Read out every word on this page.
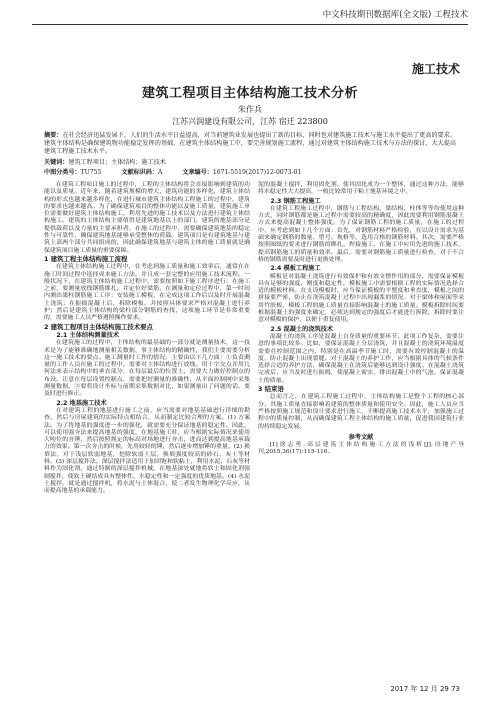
中文科技期刊数据库(全文版) 工程技术
施工技术
建筑工程项目主体结构施工技术分析
朱作兵
江苏兴润建设有限公司，江苏 宿迁 223800
摘要：在社会经济迅猛发展下，人们的生活水平日益提高，对当前建筑业发展也提出了新的目标，同时也对建筑施工技术与施工水平提出了更高的要求。建筑主体结构是确保建筑物功能稳定发挥的基础，在建筑主体结构施工中，要完善规划施工流程，通过对建筑主体结构施工技术与方法的探讨，大大提高建筑工程施工技术水平。
关键词：建筑工程项目；主体结构；施工技术
中图分类号：TU755	文献标识码：A	文章编号：1671-5519(2017)12-0073-01

在建筑工程项目施工的过程中，工程的主体结构将会直接影响到建筑的功能以及质量。近年来，随着建筑规模的增大，建筑功能的多样化，建筑主体结构的形式也越来越多样化，在进行城市建筑主体结构工程施工的过程中，建筑的要求也越来越高。为了确保建筑项目的整体功能以及施工质量，建筑施工单位需要做好建筑主体结构施工，利用先进的施工技术以及方法进行建筑主体结构施工。建筑的主体结构主要值得是建筑地基以上的部门，建筑的地基部分是提供载荷以及力量的主要承担者，在施工的过程中，需要确保建筑地基的稳定性与可靠性，确保建筑地基能够承受整体的荷载。建筑项目是有建筑地基与建筑上部两个部分共同组成的，因此确保建筑地基与建筑主体的施工质量就是确保建筑项目施工质量的重要保障。

1 建筑工程主体结构施工流程

在建筑主体结构施工过程中，在考虑到施工质量和施工效率后，通常在在施工时间过程中选择成本施工方法，并且成一套完整的应用施工技术流程。一般状况下，在建筑主体结构施工过程中，需要按照如下施工程序进行：在施工之前，要测量放线钢筋绑扎，并定位好梁筋，在测量和定位过程中，第一时间内测出梁柱钢筋施工工序：安装施工模板，在完成这项工作后以及时开展混凝土浇筑；在振捣混凝土后，拆除模板，并按照具体要求严格对混凝土进行养护；然后是建筑主体结构的梁柱部分钢筋的查找，这项施工环节是非常重要的，需要施工人员严格遵照操作要求。

2 建筑工程项目主体结构施工技术要点
2.1 主体结构测量技术

在建筑施工的过程中，主体结构的最基础的一部分就是测量技术，这一技术是为了能够准确地测量相关数据，事主体结构的精确性，我们主要需要分析这一施工技术的要点。施工测量时工作的情况。主要由以下几方面：①负责测量的工作人员在施工的过程中，需要对主体结构进行放线。用十字交点并用几何法来表示结构中的垂直部分，在每层最后的位置上，需要大力做好控制点的布设。注意在每层设置控制点，需要把好测量的准确性，从平面控制网中采集测量数据。③要将设计坐标与前期采集数据对比，如果测量出了问题的话，要及时进行修正。

2.2 地基施工技术

在对建筑工程的地基进行施工之前，应当需要对地基基础进行详细的勘查，然后与房屋建筑的实际特点相结合，从而制定比较合理的方案。(1) 方案法。为了将地基的强度进一步的强化，就需要充分保证地基的稳定性。因此，可以使用强夯法来提高地基的强度，在地基施工时，应当根据实际情况来使用大吨位的夯锤，然后按照规定的标高对场地进行夯击，进而达到提高地基承载力的效果。第一次夯击的时候，先用较轻的锤，然后逐步增加锤的重量。(2) 换填法。对于浅层软弱地基，挖除软弱土层，换填强度较高的砂石、灰土等材料。(3) 深层搅拌法。深层搅拌法适用于加固饱和软粘土，利用水泥、石灰等材料作为固化剂，通过特制的深层搅拌机械，在地基深处就地将软土和固化剂强制搅拌，使软土硬结成具有整体性、水稳定性和一定强度的优质地基。(4) 水泥土搅拌。就是通过搅拌机，将水泥与土体混合，使二者发生物理化学反应，从而提高地基的承载能力。

泥的混凝土搅拌，利用固化剂，使其固化成为一个整体，通过这种方法，能够将水稳定性大大提高，一般比较常用于粘土地基环境之中。

2.3 钢筋工程施工

在建筑工程施工过程中，钢筋与工程结构、梁结构、柱体等等均使用这种方式，同时钢筋都是施工过程中需要较高的精确度，因此需要利用钢筋混凝土方式来提高混凝土整体强度。为了保证钢筋工程的施工质量，在施工的过程中，应考虑到如下几个方面：首先，对钢筋材料严格检验，在以设计需求为基础来确定钢筋的数量、型号、规格等，选用合格的钢筋材料。其次，需要严格按照图纸的要求进行钢筋的绑扎、焊接施工，在施工中应用先进的施工技术，提高钢筋施工的质量和效率。最后，需要对钢筋施工质量进行检查，对于不合格的钢筋需要及时进行更换处理。

2.4 模板工程施工

模板是对混凝土浇筑进行有效保护和有效支撑作用的部分，需要保证模板具有足够的强度、刚度和稳定性。模板施工中需要根据工程的实际情况选择合适的模板材料。在支设模板时，应当保证模板的平整度和垂直度，模板之间的拼接要严密，防止在浇筑混凝土过程中出现漏浆的情况。对于梁体和屋面等采用竹胶板、模板工程的施工质量直接影响混凝土的施工质量。模板拆除时间要根据混凝土的强度来确定，必须达到规定的强度后才能进行拆除，拆除时要注意对模板的保护，以便于重复使用。

2.5 混凝土的浇筑技术

混凝土的浇筑工序是混凝土自身质量的重要环节，此项工作复杂，需要注意的事项比较多。比如，要保证混凝土分层浇筑，并且混凝土的浇筑环境温度需要在控制范围之内，特别是在高温季节施工时，需要有效控制混凝土的温度，防止混凝土出现裂缝。对于混凝土的养护工作，应当根据具体的气候条件选择合适的养护方法，确保混凝土在浇筑后能够达到设计强度。在混凝土浇筑完成后，应当及时进行振捣，使混凝土密实，排出混凝土中的气泡，保证混凝土的质量。

3 结束语

总而言之，在建筑工程施工过程中，主体结构施工是整个工程的核心部分，其施工质量直接影响着建筑的整体质量和使用安全。因此，施工人员应当严格按照施工规范和设计要求进行施工，不断提高施工技术水平，加强施工过程中的质量控制，从而确保建筑工程主体结构的施工质量，促进我国建筑行业的持续稳定发展。

参考文献

[1]徐志勇.高层建筑主体结构施工方法的浅析[J].房地产导刊,2015,36(17):115-116.

2017 年 12 月 29 73
